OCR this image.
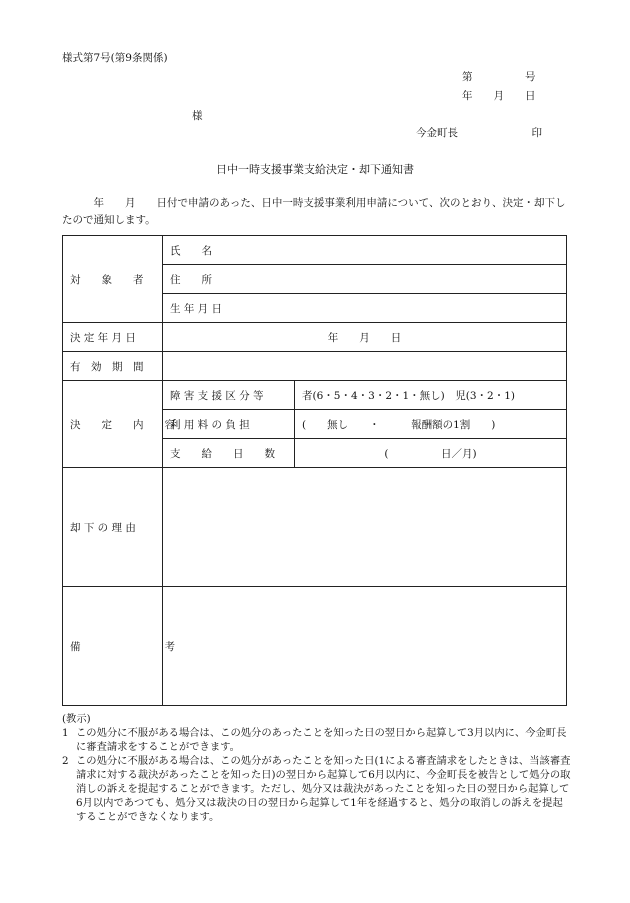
様式第7号(第9条関係)
第　　　　　号
年　　月　　日
様
今金町長　　　　　　　印
日中一時支援事業支給決定・却下通知書
　　　年　　月　　日付で申請のあった、日中一時支援事業利用申請について、次のとおり、決定・却下したので通知します。
対　　象　　者	氏　　名	
	住　　所	
	生 年 月 日	
決 定 年 月 日	年　　月　　日	
有　効　期　間		
決　　定　　内　　容	障 害 支 援 区 分 等	者(6・5・4・3・2・1・無し)　児(3・2・1)
	利 用 料 の 負 担	(　　無し　　・　　　報酬額の1割　　)
	支　　給　　日　　数	(　　　　　日／月)
却 下 の 理 由		
備　　　　　　　　考		
(教示)
1 この処分に不服がある場合は、この処分のあったことを知った日の翌日から起算して3月以内に、今金町長に審査請求をすることができます。
2 この処分に不服がある場合は、この処分があったことを知った日(1による審査請求をしたときは、当該審査請求に対する裁決があったことを知った日)の翌日から起算して6月以内に、今金町長を被告として処分の取消しの訴えを提起することができます。ただし、処分又は裁決があったことを知った日の翌日から起算して6月以内であつても、処分又は裁決の日の翌日から起算して1年を経過すると、処分の取消しの訴えを提起することができなくなります。
